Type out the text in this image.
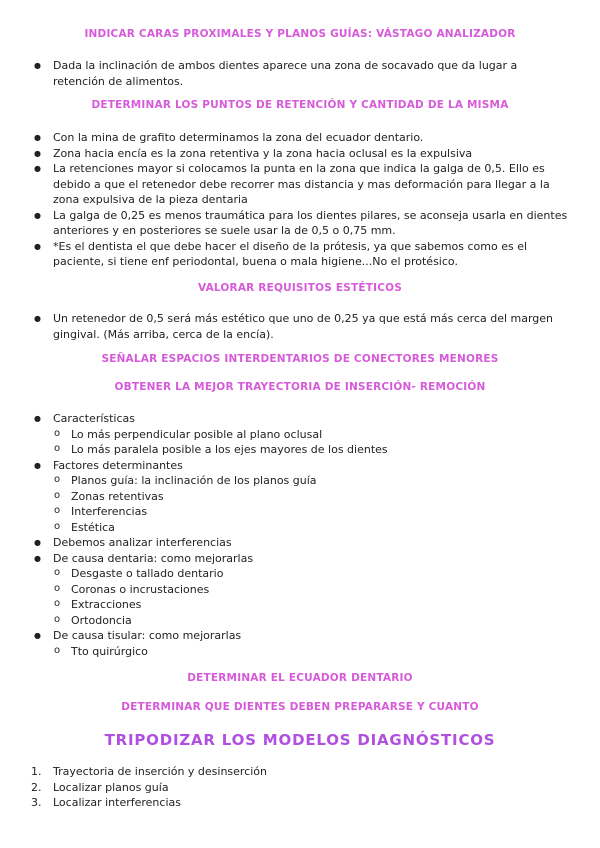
INDICAR CARAS PROXIMALES Y PLANOS GUÍAS: VÁSTAGO ANALIZADOR
● Dada la inclinación de ambos dientes aparece una zona de socavado que da lugar a retención de alimentos.
DETERMINAR LOS PUNTOS DE RETENCIÓN Y CANTIDAD DE LA MISMA
● Con la mina de grafito determinamos la zona del ecuador dentario.
● Zona hacia encía es la zona retentiva y la zona hacia oclusal es la expulsiva
● La retenciones mayor si colocamos la punta en la zona que indica la galga de 0,5. Ello es debido a que el retenedor debe recorrer mas distancia y mas deformación para llegar a la zona expulsiva de la pieza dentaria
● La galga de 0,25 es menos traumática para los dientes pilares, se aconseja usarla en dientes anteriores y en posteriores se suele usar la de 0,5 o 0,75 mm.
● *Es el dentista el que debe hacer el diseño de la prótesis, ya que sabemos como es el paciente, si tiene enf periodontal, buena o mala higiene...No el protésico.
VALORAR REQUISITOS ESTÉTICOS
● Un retenedor de 0,5 será más estético que uno de 0,25 ya que está más cerca del margen gingival. (Más arriba, cerca de la encía).
SEÑALAR ESPACIOS INTERDENTARIOS DE CONECTORES MENORES
OBTENER LA MEJOR TRAYECTORIA DE INSERCIÓN- REMOCIÓN
● Características
o Lo más perpendicular posible al plano oclusal
o Lo más paralela posible a los ejes mayores de los dientes
● Factores determinantes
o Planos guía: la inclinación de los planos guía
o Zonas retentivas
o Interferencias
o Estética
● Debemos analizar interferencias
● De causa dentaria: como mejorarlas
o Desgaste o tallado dentario
o Coronas o incrustaciones
o Extracciones
o Ortodoncia
● De causa tisular: como mejorarlas
o Tto quirúrgico
DETERMINAR EL ECUADOR DENTARIO
DETERMINAR QUE DIENTES DEBEN PREPARARSE Y CUANTO
TRIPODIZAR LOS MODELOS DIAGNÓSTICOS
1. Trayectoria de inserción y desinserción
2. Localizar planos guía
3. Localizar interferencias
